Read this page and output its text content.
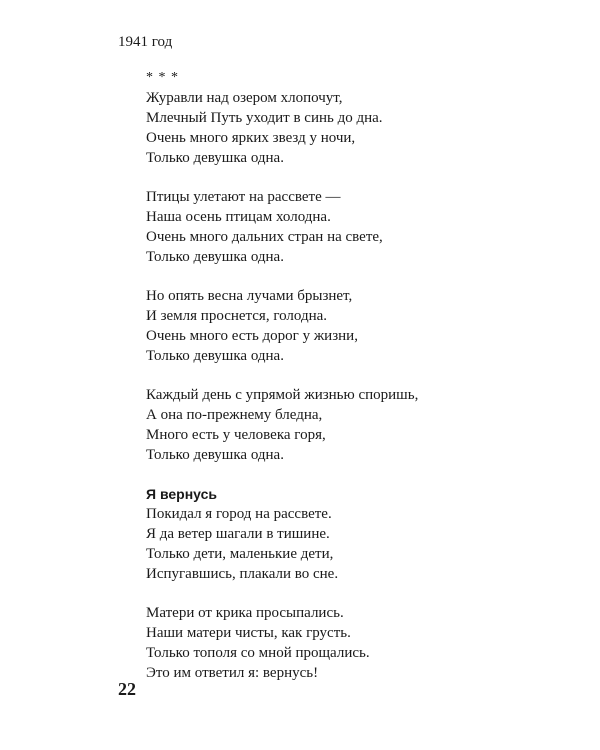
1941 год
* * *
Журавли над озером хлопочут,
Млечный Путь уходит в синь до дна.
Очень много ярких звезд у ночи,
Только девушка одна.
Птицы улетают на рассвете —
Наша осень птицам холодна.
Очень много дальних стран на свете,
Только девушка одна.
Но опять весна лучами брызнет,
И земля проснется, голодна.
Очень много есть дорог у жизни,
Только девушка одна.
Каждый день с упрямой жизнью споришь,
А она по-прежнему бледна,
Много есть у человека горя,
Только девушка одна.
Я вернусь
Покидал я город на рассвете.
Я да ветер шагали в тишине.
Только дети, маленькие дети,
Испугавшись, плакали во сне.
Матери от крика просыпались.
Наши матери чисты, как грусть.
Только тополя со мной прощались.
Это им ответил я: вернусь!
22
